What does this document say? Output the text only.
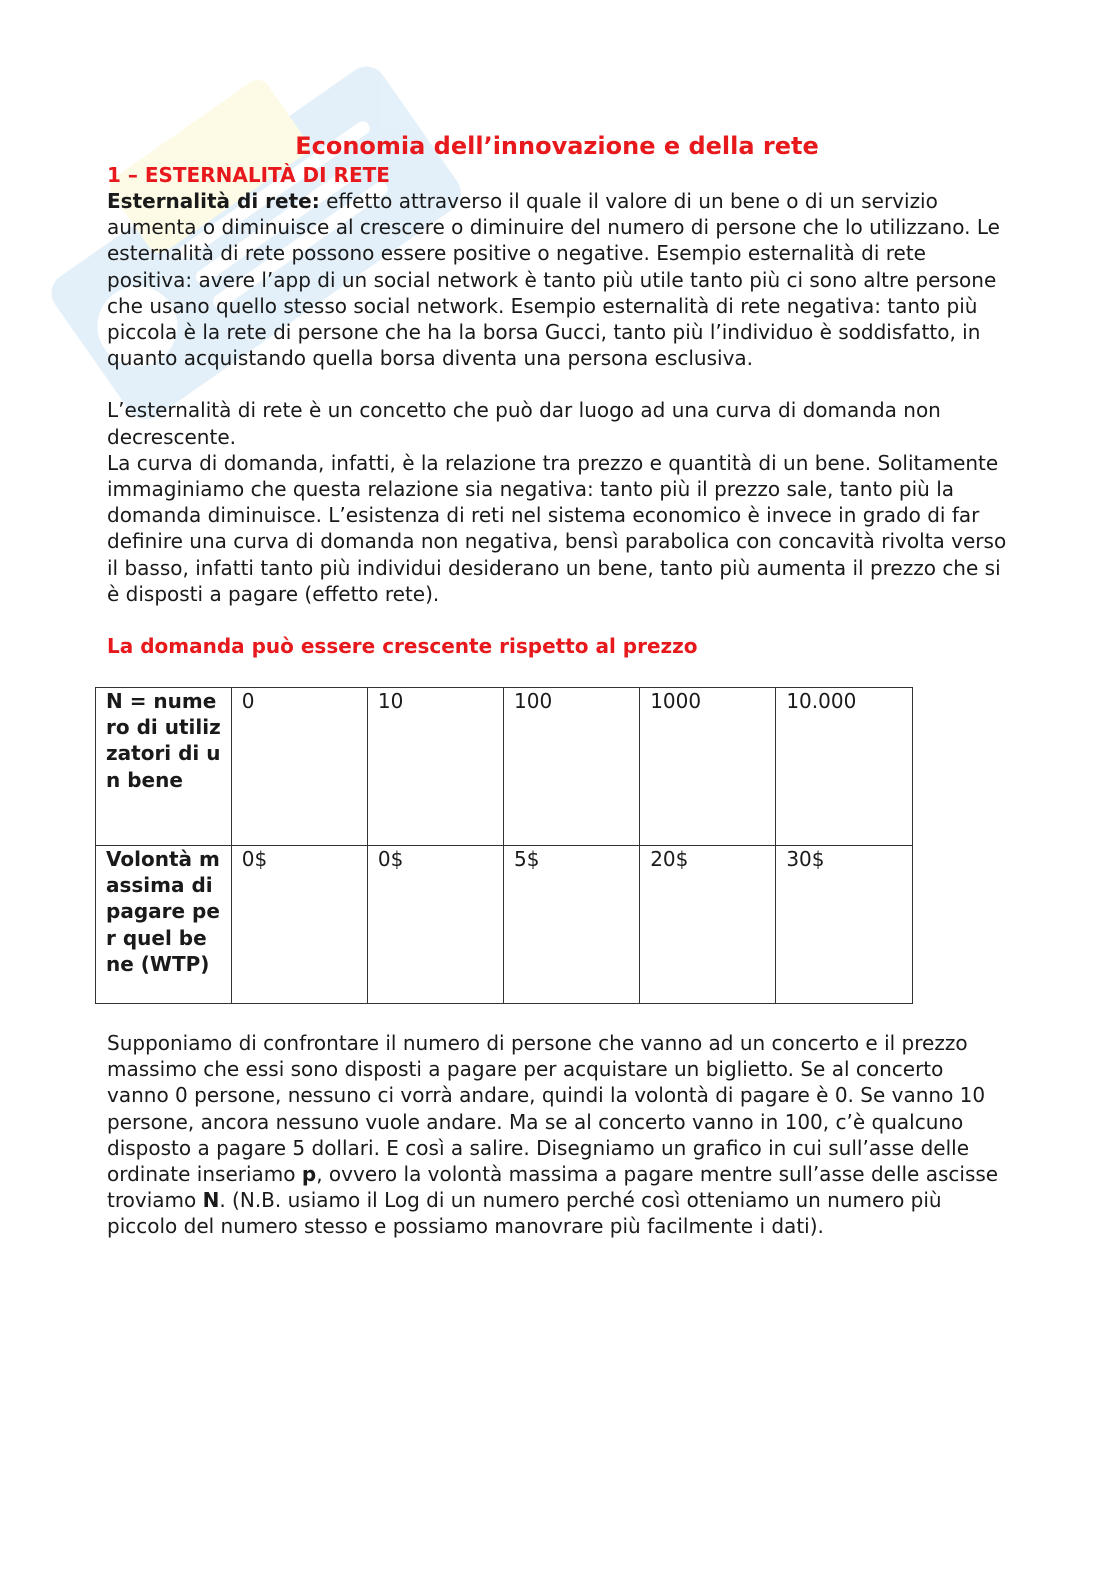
Economia dell’innovazione e della rete
1 – ESTERNALITÀ DI RETE

Esternalità di rete: effetto attraverso il quale il valore di un bene o di un servizio aumenta o diminuisce al crescere o diminuire del numero di persone che lo utilizzano. Le esternalità di rete possono essere positive o negative. Esempio esternalità di rete positiva: avere l’app di un social network è tanto più utile tanto più ci sono altre persone che usano quello stesso social network. Esempio esternalità di rete negativa: tanto più piccola è la rete di persone che ha la borsa Gucci, tanto più l’individuo è soddisfatto, in quanto acquistando quella borsa diventa una persona esclusiva.

L’esternalità di rete è un concetto che può dar luogo ad una curva di domanda non decrescente.

La curva di domanda, infatti, è la relazione tra prezzo e quantità di un bene. Solitamente immaginiamo che questa relazione sia negativa: tanto più il prezzo sale, tanto più la domanda diminuisce. L’esistenza di reti nel sistema economico è invece in grado di far definire una curva di domanda non negativa, bensì parabolica con concavità rivolta verso il basso, infatti tanto più individui desiderano un bene, tanto più aumenta il prezzo che si è disposti a pagare (effetto rete).

La domanda può essere crescente rispetto al prezzo
N = numero di utilizzatori di un bene	0	10	100	1000	10.000
Volontà massima di pagare per quel bene (WTP)	0$	0$	5$	20$	30$

Supponiamo di confrontare il numero di persone che vanno ad un concerto e il prezzo massimo che essi sono disposti a pagare per acquistare un biglietto. Se al concerto vanno 0 persone, nessuno ci vorrà andare, quindi la volontà di pagare è 0. Se vanno 10 persone, ancora nessuno vuole andare. Ma se al concerto vanno in 100, c’è qualcuno disposto a pagare 5 dollari. E così a salire. Disegniamo un grafico in cui sull’asse delle ordinate inseriamo p, ovvero la volontà massima a pagare mentre sull’asse delle ascisse troviamo N. (N.B. usiamo il Log di un numero perché così otteniamo un numero più piccolo del numero stesso e possiamo manovrare più facilmente i dati).
